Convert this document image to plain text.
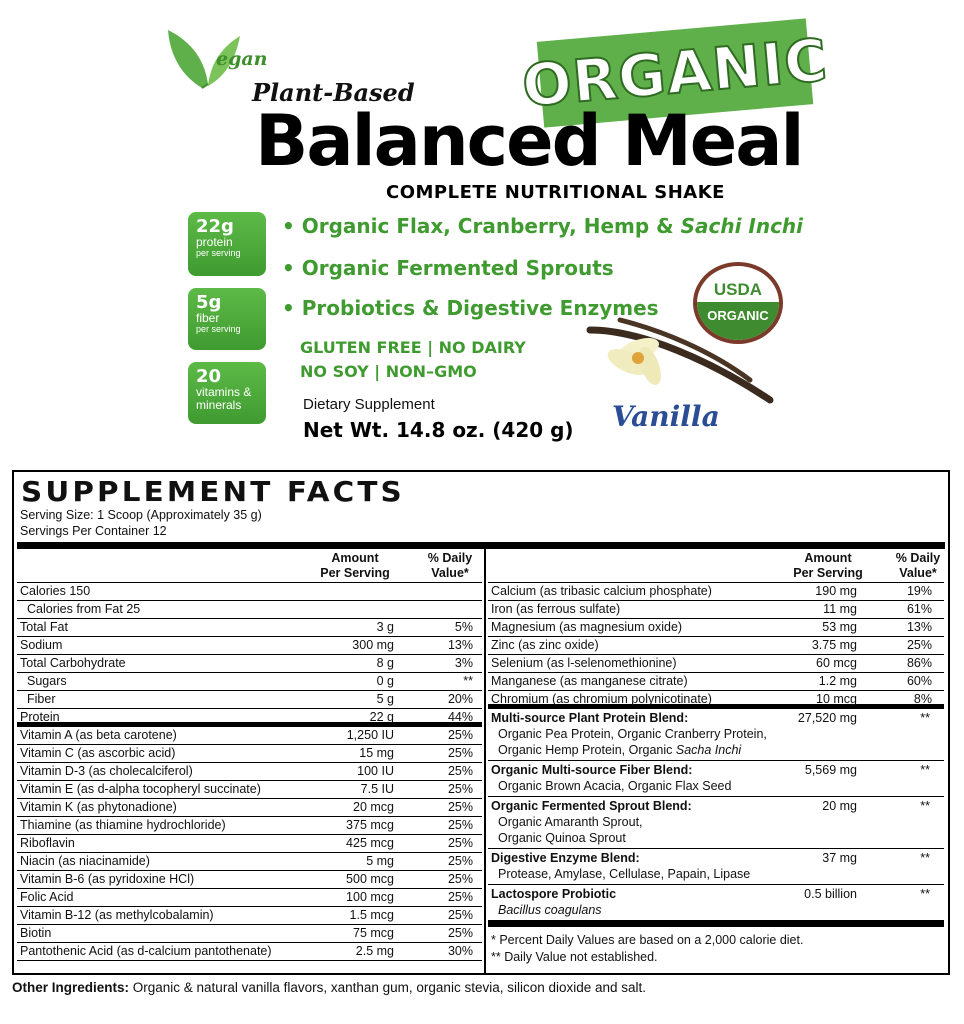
egan
Plant-Based ORGANIC
Balanced Meal
COMPLETE NUTRITIONAL SHAKE
22g
protein
per serving
5g
fiber
per serving
20
vitamins &
minerals
• Organic Flax, Cranberry, Hemp & Sachi Inchi
• Organic Fermented Sprouts
• Probiotics & Digestive Enzymes
GLUTEN FREE | NO DAIRY
NO SOY | NON–GMO
Dietary Supplement
Net Wt. 14.8 oz. (420 g)
USDA
ORGANIC
Vanilla
SUPPLEMENT FACTS
Serving Size: 1 Scoop (Approximately 35 g)
Servings Per Container 12
Amount
Per Serving
% Daily
Value*
Calories 150
Calories from Fat 25
Total Fat	3 g	5%
Sodium	300 mg	13%
Total Carbohydrate	8 g	3%
Sugars	0 g	**
Fiber	5 g	20%
Protein	22 g	44%
Vitamin A (as beta carotene)	1,250 IU	25%
Vitamin C (as ascorbic acid)	15 mg	25%
Vitamin D-3 (as cholecalciferol)	100 IU	25%
Vitamin E (as d-alpha tocopheryl succinate)	7.5 IU	25%
Vitamin K (as phytonadione)	20 mcg	25%
Thiamine (as thiamine hydrochloride)	375 mcg	25%
Riboflavin	425 mcg	25%
Niacin (as niacinamide)	5 mg	25%
Vitamin B-6 (as pyridoxine HCl)	500 mcg	25%
Folic Acid	100 mcg	25%
Vitamin B-12 (as methylcobalamin)	1.5 mcg	25%
Biotin	75 mcg	25%
Pantothenic Acid (as d-calcium pantothenate)	2.5 mg	30%
Amount
Per Serving
% Daily
Value*
Calcium (as tribasic calcium phosphate)	190 mg	19%
Iron (as ferrous sulfate)	11 mg	61%
Magnesium (as magnesium oxide)	53 mg	13%
Zinc (as zinc oxide)	3.75 mg	25%
Selenium (as l-selenomethionine)	60 mcg	86%
Manganese (as manganese citrate)	1.2 mg	60%
Chromium (as chromium polynicotinate)	10 mcg	8%
Multi-source Plant Protein Blend:	27,520 mg	**
Organic Pea Protein, Organic Cranberry Protein,
Organic Hemp Protein, Organic Sacha Inchi
Organic Multi-source Fiber Blend:	5,569 mg	**
Organic Brown Acacia, Organic Flax Seed
Organic Fermented Sprout Blend:	20 mg	**
Organic Amaranth Sprout,
Organic Quinoa Sprout
Digestive Enzyme Blend:	37 mg	**
Protease, Amylase, Cellulase, Papain, Lipase
Lactospore Probiotic	0.5 billion	**
Bacillus coagulans
* Percent Daily Values are based on a 2,000 calorie diet.
** Daily Value not established.
Other Ingredients: Organic & natural vanilla flavors, xanthan gum, organic stevia, silicon dioxide and salt.
